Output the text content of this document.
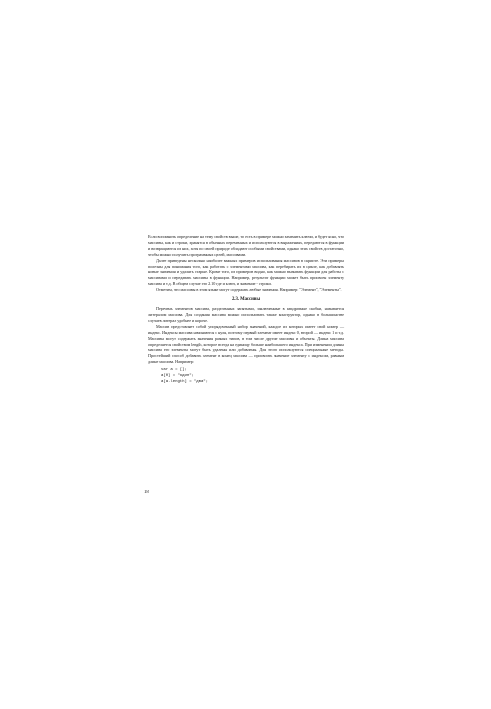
Если вспомнить определение на тему свойств выше, то есть в примере можно заменить ключи, и будет ясно, что массивы, как и строки, хранятся в обычных переменных и используются в выражениях, передаются в функции и возвращаются из них, хотя по своей природе обладают особыми свойствами, однако этих свойств достаточно, чтобы можно получить программных целей, массивами.

Далее приведены несколько наиболее важных примеров использования массивов в скрипте. Эти примеры полезны для понимания того, как работать с элементами массива, как перебирать их в цикле, как добавлять новые значения и удалять старые. Кроме того, из примеров видно, как можно вызывать функции для работы с массивами и передавать массивы в функции. Например, результат функции может быть присвоен элементу массива и т.д. В общем случае это 2.10 где и ключ, и значение - строки.

Отметим, что массивы в этом языке могут содержать любые значения. Например: "Элемент", "Элементы".

2.3. Массивы

Перечень элементов массива, разделенных запятыми, заключенные в квадратные скобки, называется литералом массива. Для создания массива можно использовать также конструктор, однако в большинстве случаев литерал удобнее и короче.

Массив представляет собой упорядоченный набор значений, каждое из которых имеет свой номер — индекс. Индексы массива начинаются с нуля, поэтому первый элемент имеет индекс 0, второй — индекс 1 и т.д. Массивы могут содержать значения разных типов, в том числе другие массивы и объекты. Длина массива определяется свойством length, которое всегда на единицу больше наибольшего индекса. При изменении длины массива его элементы могут быть удалены или добавлены. Для этого используются специальные методы. Простейший способ добавить элемент в конец массива — присвоить значение элементу с индексом, равным длине массива. Например:

var a = [];
a[0] = "один";
a[a.length] = "два";
18
